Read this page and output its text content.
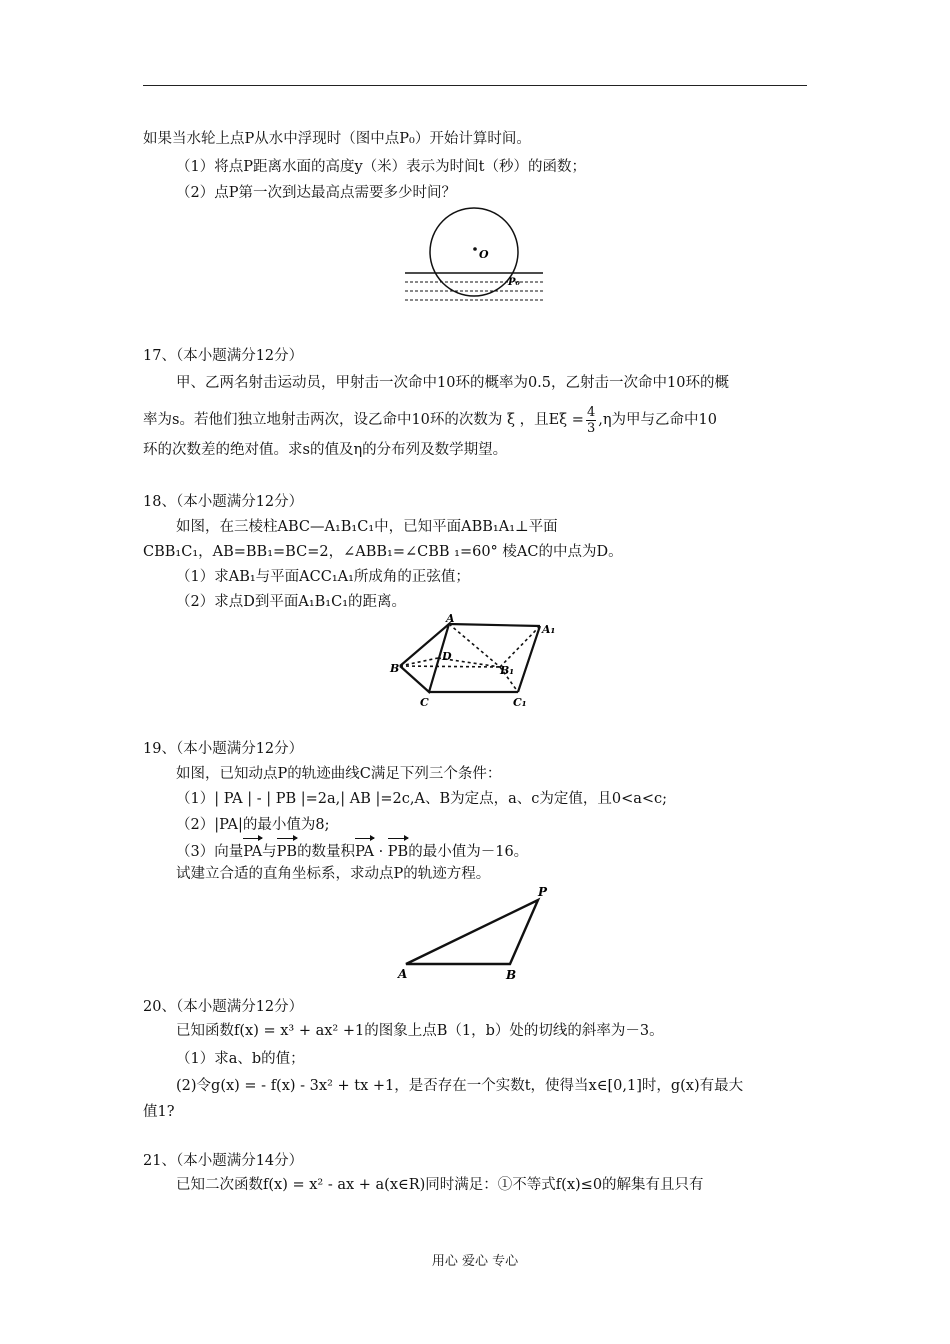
如果当水轮上点P从水中浮现时（图中点P₀）开始计算时间。
（1）将点P距离水面的高度y（米）表示为时间t（秒）的函数；
（2）点P第一次到达最高点需要多少时间？
O
P₀
17、（本小题满分12分）
甲、乙两名射击运动员，甲射击一次命中10环的概率为0.5，乙射击一次命中10环的概
率为s。若他们独立地射击两次，设乙命中10环的次数为 ξ ，且$E\xi = \frac{4}{3} ,\eta$为甲与乙命中10
环的次数差的绝对值。求s的值及η的分布列及数学期望。
18、（本小题满分12分）
如图，在三棱柱ABC—A₁B₁C₁中，已知平面ABB₁A₁⊥平面
CBB₁C₁，AB=BB₁=BC=2，∠ABB₁=∠CBB ₁=60° 棱AC的中点为D。
（1）求AB₁与平面ACC₁A₁所成角的正弦值；
（2）求点D到平面A₁B₁C₁的距离。
A
A₁
B
D
B₁
C	C₁
19、（本小题满分12分）
如图，已知动点P的轨迹曲线C满足下列三个条件：
（1）| PA | - | PB |=2a,| AB |=2c,A、B为定点，a、c为定值，且0<a<c;
（2）|PA|的最小值为8;
（3）向量PA与PB的数量积PA · PB的最小值为－16。
试建立合适的直角坐标系，求动点P的轨迹方程。
A	B
P
20、（本小题满分12分）
已知函数f(x) = x³ + ax² +1的图象上点B（1，b）处的切线的斜率为－3。
（1）求a、b的值；
(2)令g(x) = - f(x) - 3x² + tx +1，是否存在一个实数t，使得当x∈[0,1]时，g(x)有最大
值1?
21、（本小题满分14分）
已知二次函数f(x) = x² - ax + a(x∈R)同时满足：①不等式f(x)≤0的解集有且只有
用心 爱心 专心
